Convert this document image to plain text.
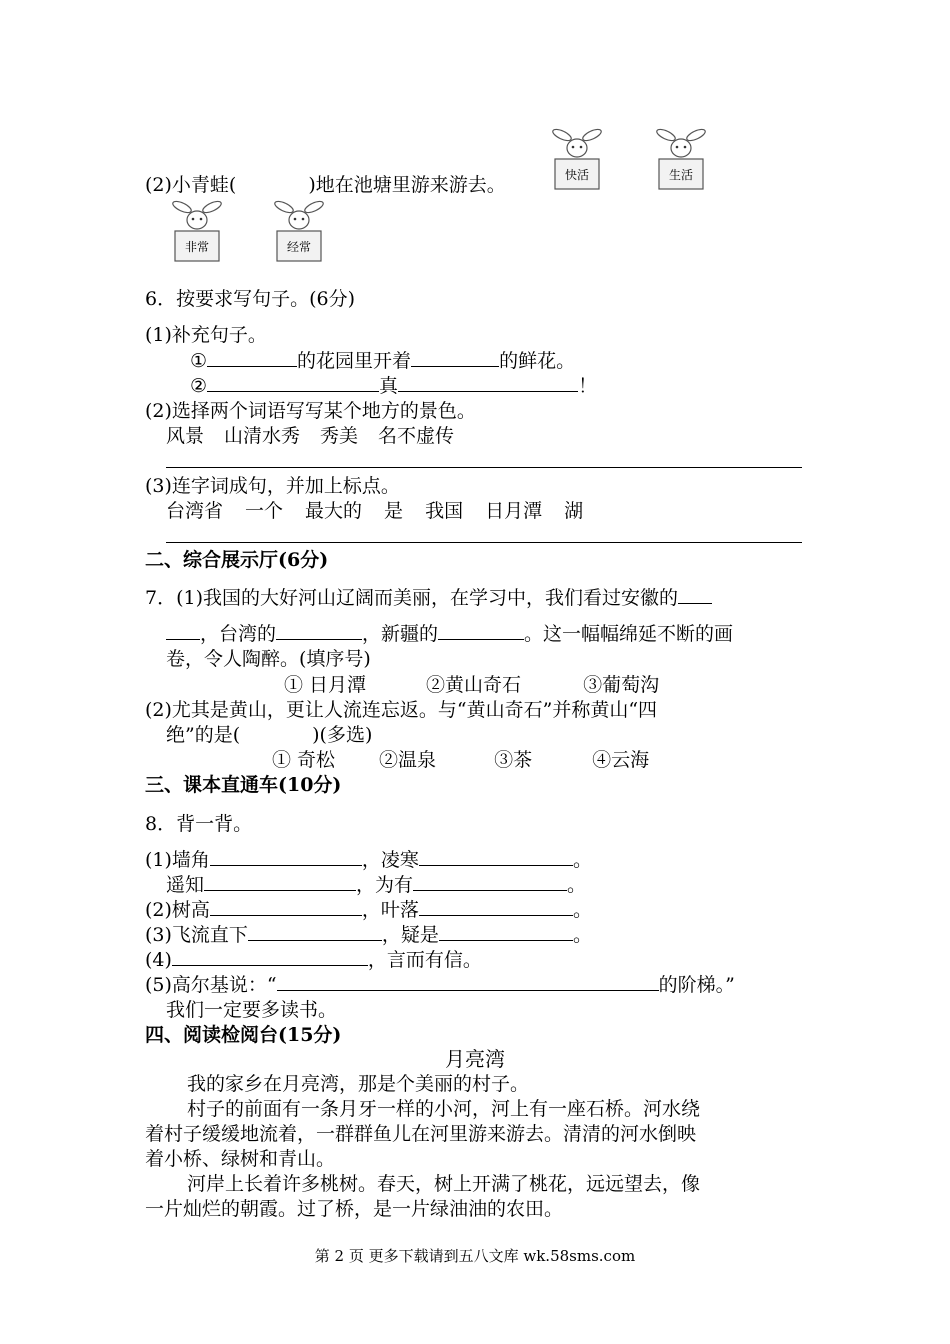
(2)小青蛙(	)地在池塘里游来游去。	快活	生活
非常	经常
6．按要求写句子。(6分)
(1)补充句子。
①	的花园里开着	的鲜花。
②	真	！
(2)选择两个词语写写某个地方的景色。
风景 山清水秀 秀美 名不虚传
(3)连字词成句，并加上标点。
台湾省 一个 最大的 是 我国 日月潭 湖
二、综合展示厅(6分)
7．(1)我国的大好河山辽阔而美丽，在学习中，我们看过安徽的
，台湾的	，新疆的	。这一幅幅绵延不断的画
卷，令人陶醉。(填序号)
① 日月潭	②黄山奇石	③葡萄沟
(2)尤其是黄山，更让人流连忘返。与“黄山奇石”并称黄山“四
绝”的是(	)(多选)
① 奇松 ②温泉	③茶	④云海
三、课本直通车(10分)
8．背一背。
(1)墙角	，凌寒	。
遥知	，为有	。
(2)树高	，叶落	。
(3)飞流直下	，疑是	。
(4)	，言而有信。
(5)高尔基说：“	的阶梯。”
我们一定要多读书。
四、阅读检阅台(15分)
月亮湾
我的家乡在月亮湾，那是个美丽的村子。
村子的前面有一条月牙一样的小河，河上有一座石桥。河水绕
着村子缓缓地流着，一群群鱼儿在河里游来游去。清清的河水倒映
着小桥、绿树和青山。
河岸上长着许多桃树。春天，树上开满了桃花，远远望去，像
一片灿烂的朝霞。过了桥，是一片绿油油的农田。
第 2 页 更多下载请到五八文库 wk.58sms.com
